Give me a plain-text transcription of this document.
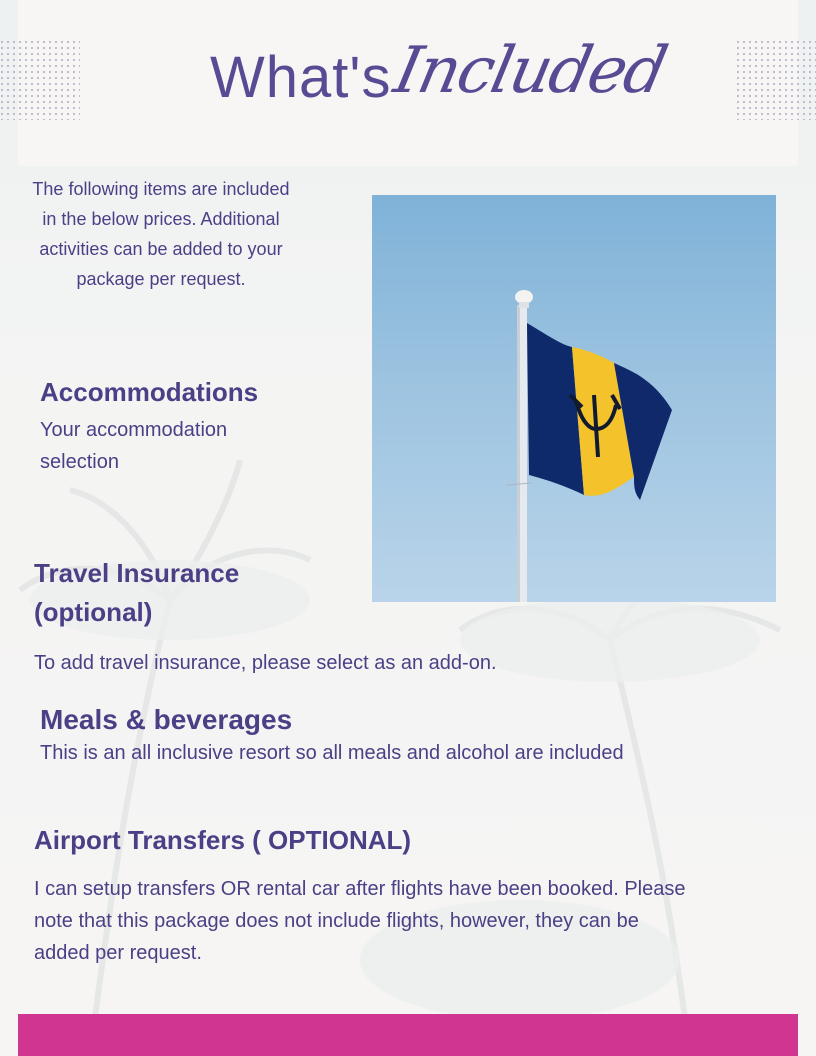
What's
Included
The following items are included in the below prices. Additional activities can be added to your package per request.
Accommodations
Your accommodation selection
Travel Insurance
(optional)
To add travel insurance, please select as an add-on.
Meals & beverages
This is an all inclusive resort so all meals and alcohol are included
Airport Transfers ( OPTIONAL)
I can setup transfers OR rental car after flights have been booked. Please
note that this package does not include flights, however, they can be
added per request.
